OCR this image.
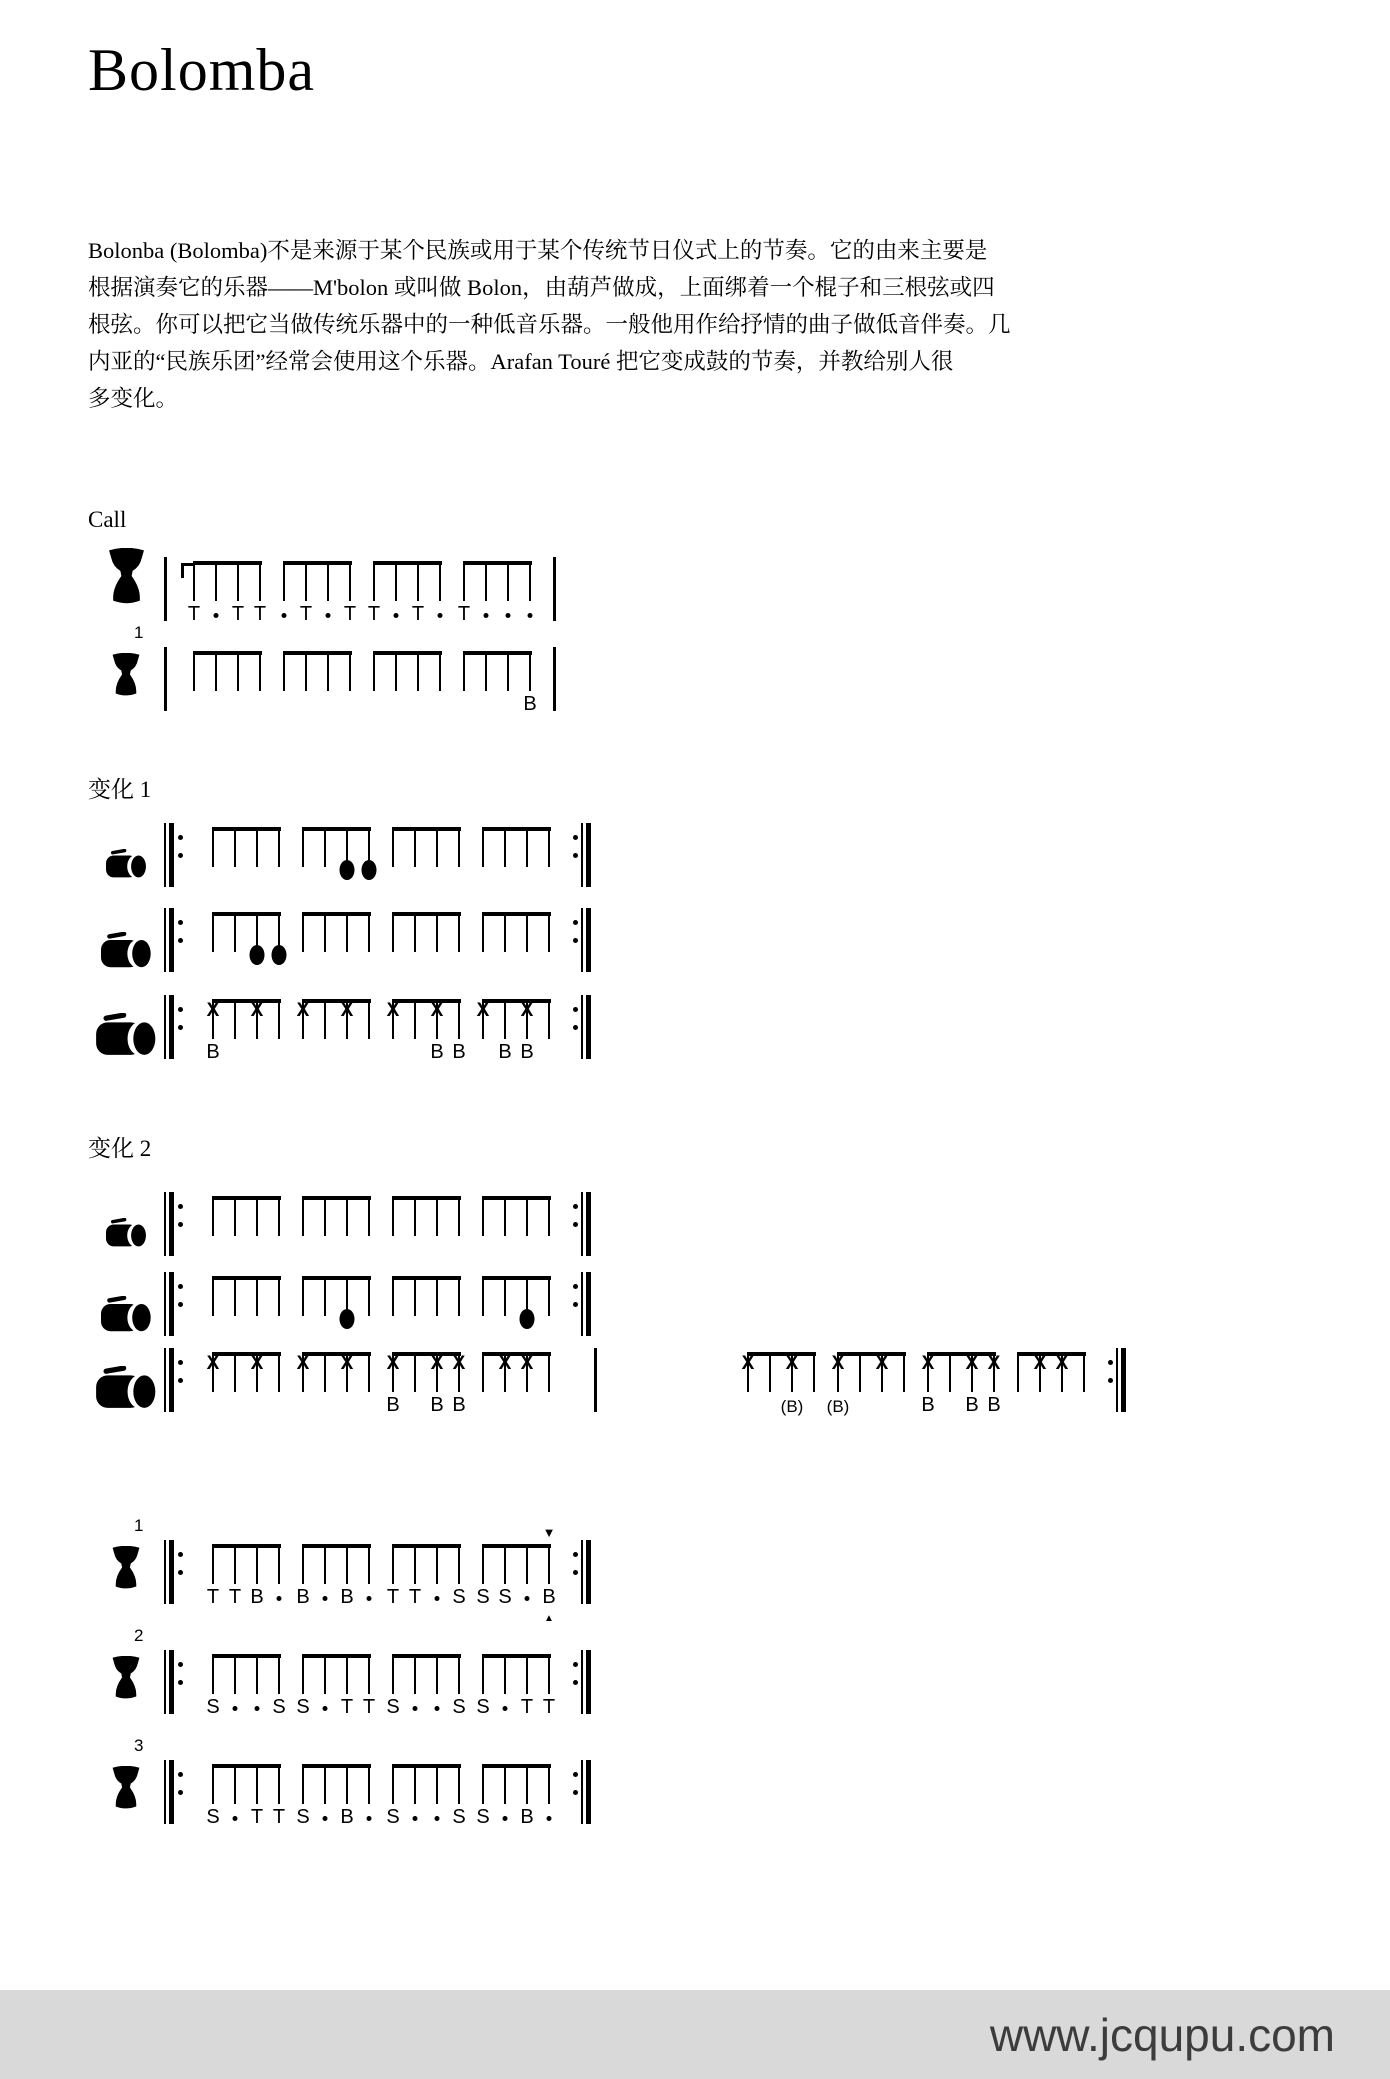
Bolomba
Bolonba (Bolomba)不是来源于某个民族或用于某个传统节日仪式上的节奏。它的由来主要是
根据演奏它的乐器——M'bolon 或叫做 Bolon，由葫芦做成，上面绑着一个棍子和三根弦或四
根弦。你可以把它当做传统乐器中的一种低音乐器。一般他用作给抒情的曲子做低音伴奏。几
内亚的“民族乐团”经常会使用这个乐器。Arafan Touré 把它变成鼓的节奏，并教给别人很
多变化。
Call
T T T T T T T T
1
B
变化 1
X
B
X X X X X
B B
X
B
X
B
变化 2
X X X X X
B
X
B
X
B
X X	X X
(B)
X
(B)
X X
B
X
B
X
B
X X
1
T T B B B T T S S S B
▼
▲
2
S	S S T T S	S S T T
3
S T T S B S	S S B
www.jcqupu.com
